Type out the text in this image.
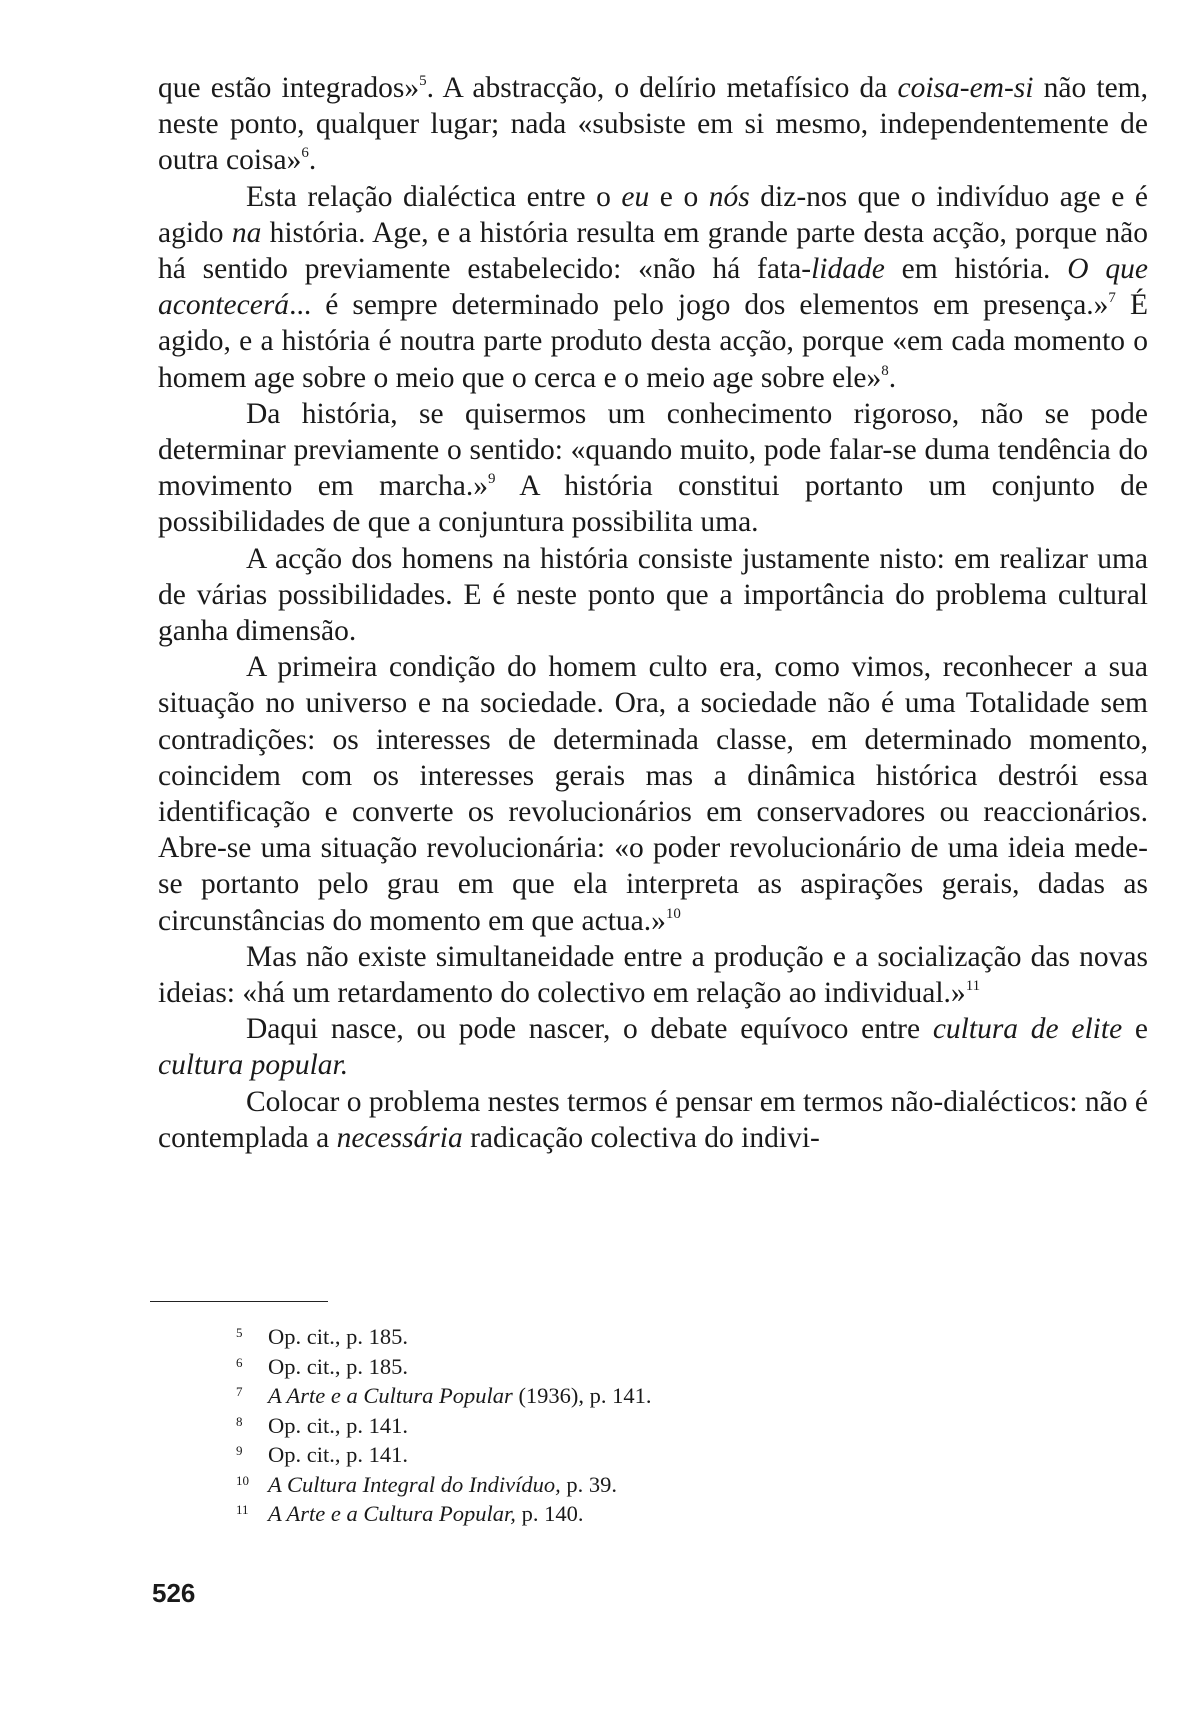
que estão integrados»$^5$. A abstracção, o delírio metafísico da coisa-em-si não tem, neste ponto, qualquer lugar; nada «subsiste em si mesmo, independentemente de outra coisa»$^6$.

Esta relação dialéctica entre o eu e o nós diz-nos que o indivíduo age e é agido na história. Age, e a história resulta em grande parte desta acção, porque não há sentido previamente estabelecido: «não há fata-lidade em história. O que acontecerá... é sempre determinado pelo jogo dos elementos em presença.»$^7$ É agido, e a história é noutra parte produto desta acção, porque «em cada momento o homem age sobre o meio que o cerca e o meio age sobre ele»$^8$.

Da história, se quisermos um conhecimento rigoroso, não se pode determinar previamente o sentido: «quando muito, pode falar-se duma tendência do movimento em marcha.»$^9$ A história constitui portanto um conjunto de possibilidades de que a conjuntura possibilita uma.

A acção dos homens na história consiste justamente nisto: em realizar uma de várias possibilidades. E é neste ponto que a importância do problema cultural ganha dimensão.

A primeira condição do homem culto era, como vimos, reconhecer a sua situação no universo e na sociedade. Ora, a sociedade não é uma Totalidade sem contradições: os interesses de determinada classe, em determinado momento, coincidem com os interesses gerais mas a dinâmica histórica destrói essa identificação e converte os revolucionários em conservadores ou reaccionários. Abre-se uma situação revolucionária: «o poder revolucionário de uma ideia mede-se portanto pelo grau em que ela interpreta as aspirações gerais, dadas as circunstâncias do momento em que actua.»$^{10}$

Mas não existe simultaneidade entre a produção e a socialização das novas ideias: «há um retardamento do colectivo em relação ao individual.»$^{11}$

Daqui nasce, ou pode nascer, o debate equívoco entre cultura de elite e cultura popular.

Colocar o problema nestes termos é pensar em termos não-dialécticos: não é contemplada a necessária radicação colectiva do indivi-

5 Op. cit., p. 185.
6 Op. cit., p. 185.
7 A Arte e a Cultura Popular (1936), p. 141.
8 Op. cit., p. 141.
9 Op. cit., p. 141.
10 A Cultura Integral do Indivíduo, p. 39.
11 A Arte e a Cultura Popular, p. 140.
526
